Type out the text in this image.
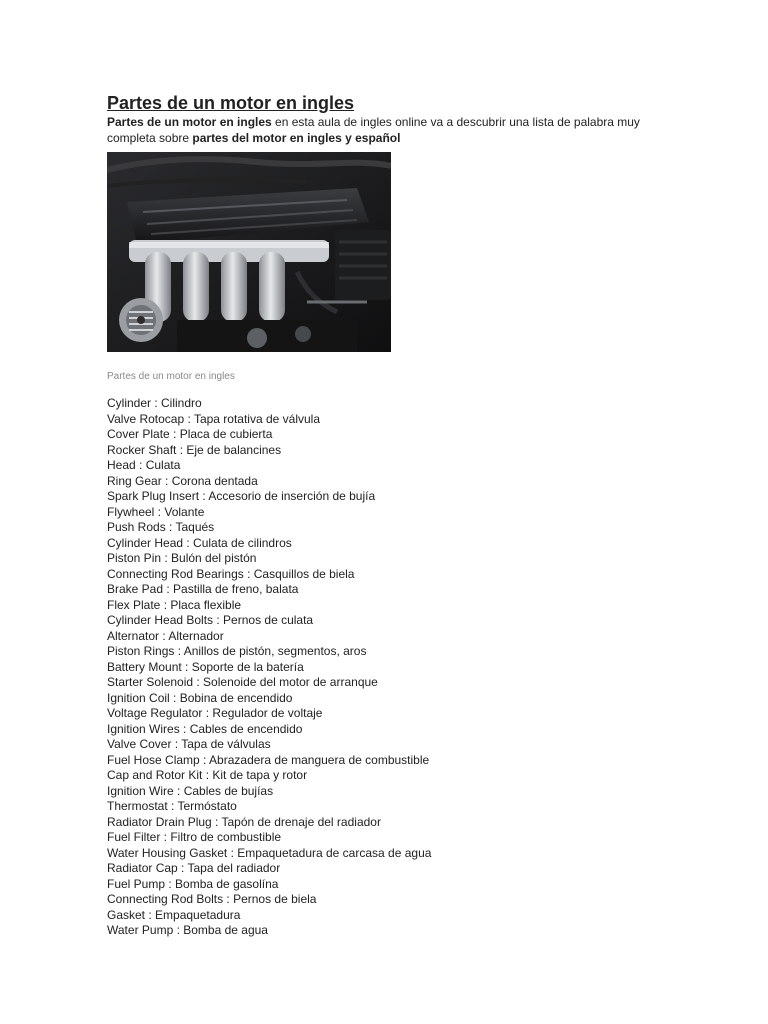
Partes de un motor en ingles

Partes de un motor en ingles en esta aula de ingles online va a descubrir una lista de palabra muy completa sobre partes del motor en ingles y español

Partes de un motor en ingles
Cylinder : Cilindro
Valve Rotocap : Tapa rotativa de válvula
Cover Plate : Placa de cubierta
Rocker Shaft : Eje de balancines
Head : Culata
Ring Gear : Corona dentada
Spark Plug Insert : Accesorio de inserción de bujía
Flywheel : Volante
Push Rods : Taqués
Cylinder Head : Culata de cilindros
Piston Pin : Bulón del pistón
Connecting Rod Bearings : Casquillos de biela
Brake Pad : Pastilla de freno, balata
Flex Plate : Placa flexible
Cylinder Head Bolts : Pernos de culata
Alternator : Alternador
Piston Rings : Anillos de pistón, segmentos, aros
Battery Mount : Soporte de la batería
Starter Solenoid : Solenoide del motor de arranque
Ignition Coil : Bobina de encendido
Voltage Regulator : Regulador de voltaje
Ignition Wires : Cables de encendido
Valve Cover : Tapa de válvulas
Fuel Hose Clamp : Abrazadera de manguera de combustible
Cap and Rotor Kit : Kit de tapa y rotor
Ignition Wire : Cables de bujías
Thermostat : Termóstato
Radiator Drain Plug : Tapón de drenaje del radiador
Fuel Filter : Filtro de combustible
Water Housing Gasket : Empaquetadura de carcasa de agua
Radiator Cap : Tapa del radiador
Fuel Pump : Bomba de gasolína
Connecting Rod Bolts : Pernos de biela
Gasket : Empaquetadura
Water Pump : Bomba de agua
